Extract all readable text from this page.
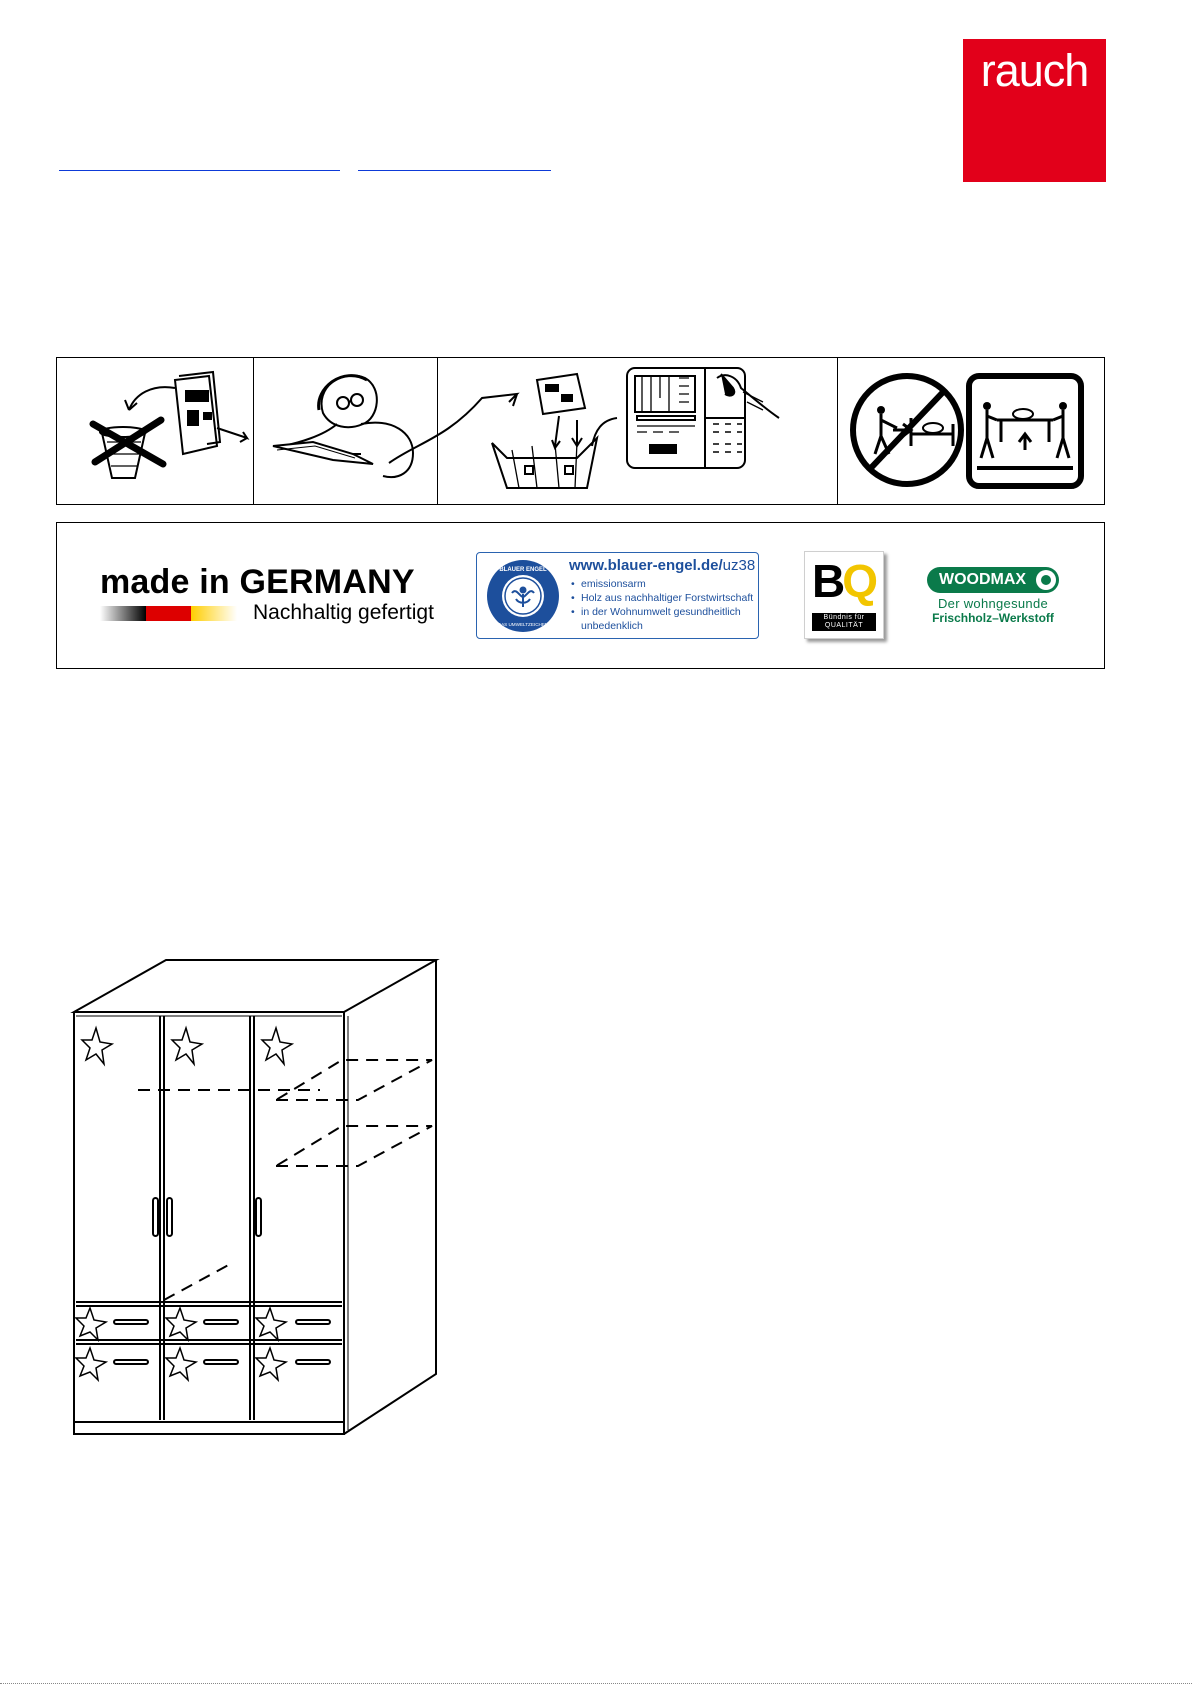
rauch
made in GERMANY
Nachhaltig gefertigt
BLAUER ENGEL
DAS UMWELTZEICHEN
www.blauer-engel.de/uz38
• emissionsarm
• Holz aus nachhaltiger Forstwirtschaft
• in der Wohnumwelt gesundheitlich unbedenklich
BQ
Bündnis für QUALITÄT
WOODMAX
Der wohngesunde
Frischholz–Werkstoff
